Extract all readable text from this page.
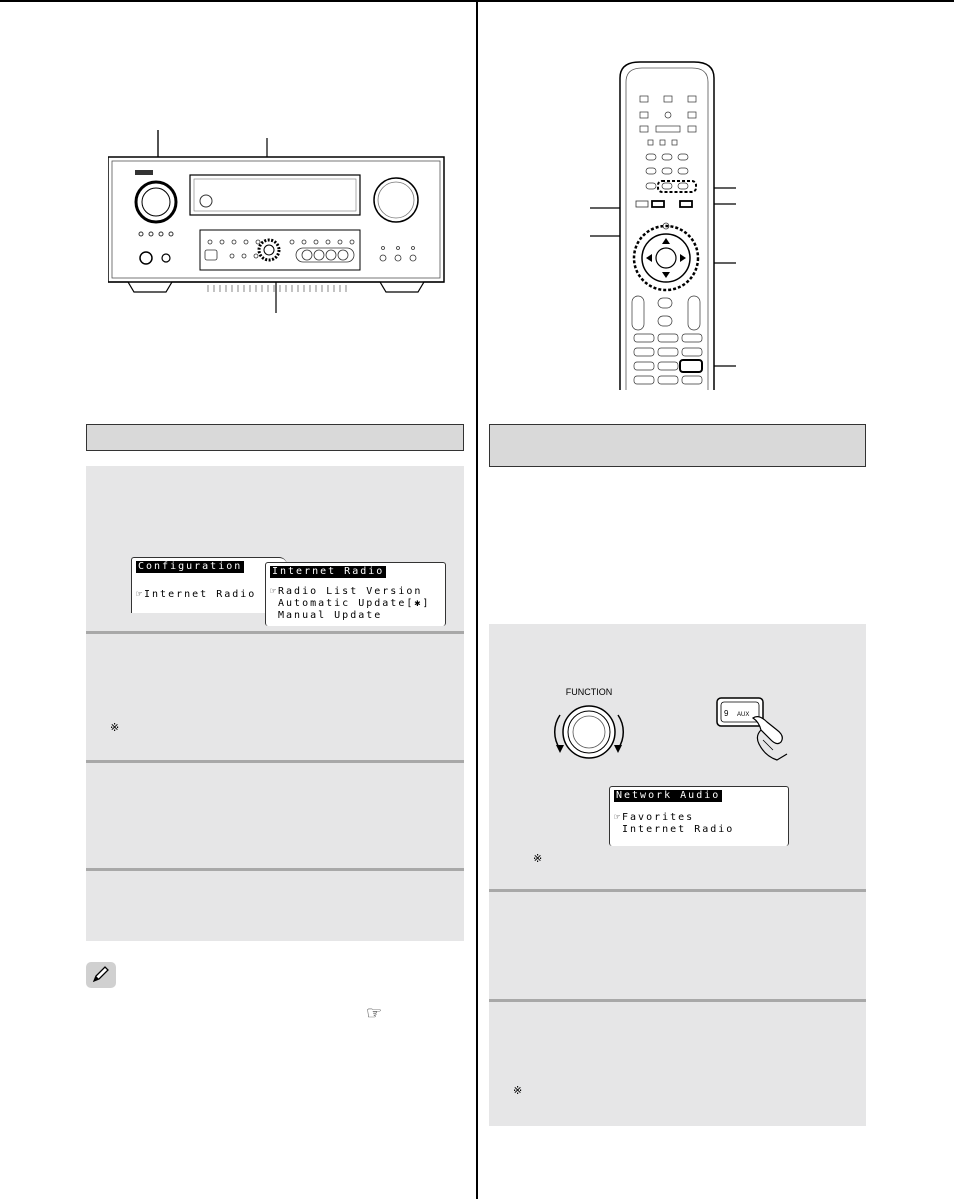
Configuration
☞Internet Radio
Internet Radio
☞Radio List Version
Automatic Update[✱]
Manual Update
※
☞
FUNCTION
9 AUX
Network Audio
☞Favorites
Internet Radio
※
※
